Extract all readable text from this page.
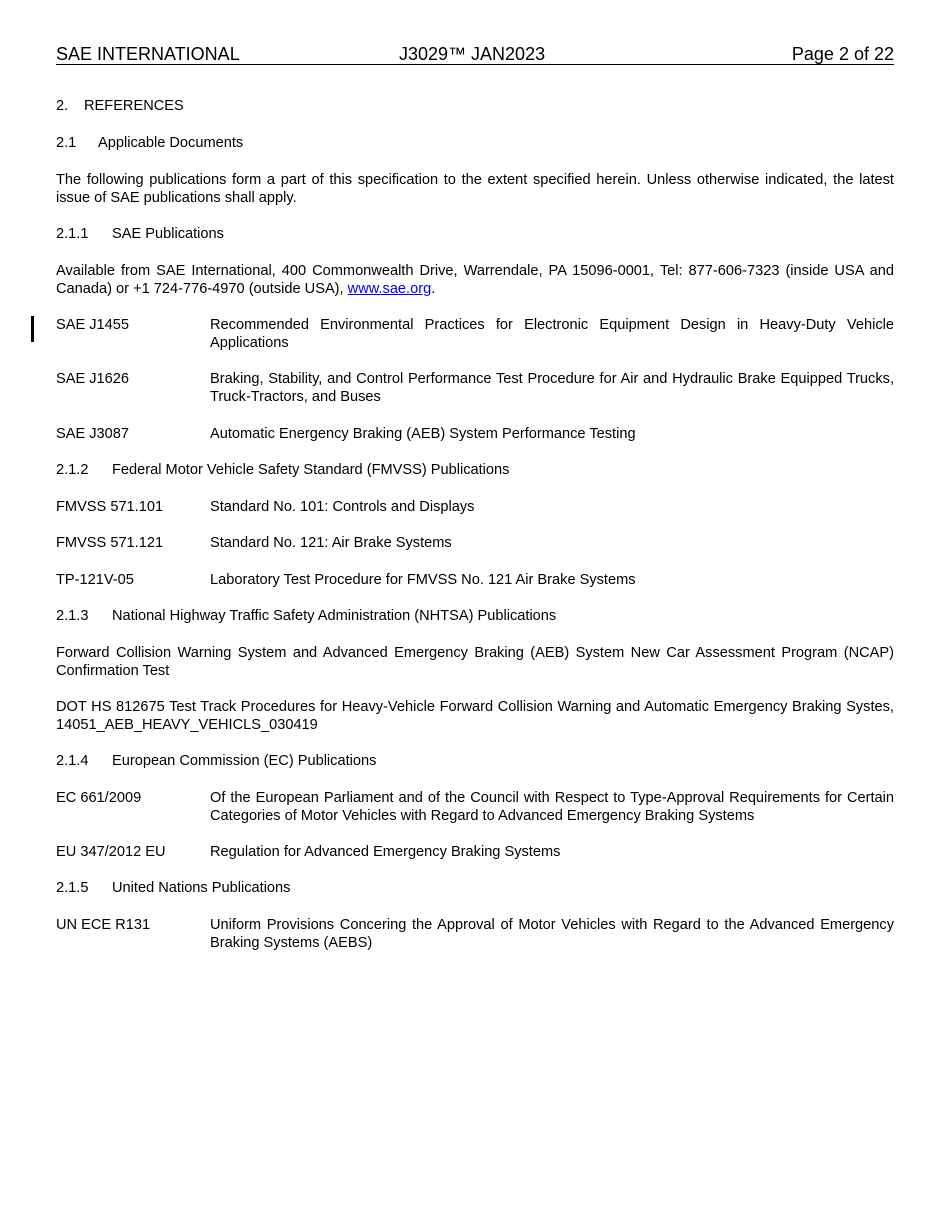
SAE INTERNATIONAL	J3029™ JAN2023	Page 2 of 22
2. REFERENCES
2.1 Applicable Documents
The following publications form a part of this specification to the extent specified herein. Unless otherwise indicated, the latest issue of SAE publications shall apply.
2.1.1 SAE Publications
Available from SAE International, 400 Commonwealth Drive, Warrendale, PA 15096-0001, Tel: 877-606-7323 (inside USA and Canada) or +1 724-776-4970 (outside USA), www.sae.org.
SAE J1455	Recommended Environmental Practices for Electronic Equipment Design in Heavy-Duty Vehicle Applications
SAE J1626	Braking, Stability, and Control Performance Test Procedure for Air and Hydraulic Brake Equipped Trucks, Truck-Tractors, and Buses
SAE J3087	Automatic Energency Braking (AEB) System Performance Testing
2.1.2 Federal Motor Vehicle Safety Standard (FMVSS) Publications
FMVSS 571.101	Standard No. 101: Controls and Displays
FMVSS 571.121	Standard No. 121: Air Brake Systems
TP-121V-05	Laboratory Test Procedure for FMVSS No. 121 Air Brake Systems
2.1.3 National Highway Traffic Safety Administration (NHTSA) Publications
Forward Collision Warning System and Advanced Emergency Braking (AEB) System New Car Assessment Program (NCAP) Confirmation Test
DOT HS 812675 Test Track Procedures for Heavy-Vehicle Forward Collision Warning and Automatic Emergency Braking Systes, 14051_AEB_HEAVY_VEHICLS_030419
2.1.4 European Commission (EC) Publications
EC 661/2009	Of the European Parliament and of the Council with Respect to Type-Approval Requirements for Certain Categories of Motor Vehicles with Regard to Advanced Emergency Braking Systems
EU 347/2012 EU	Regulation for Advanced Emergency Braking Systems
2.1.5 United Nations Publications
UN ECE R131	Uniform Provisions Concering the Approval of Motor Vehicles with Regard to the Advanced Emergency Braking Systems (AEBS)
